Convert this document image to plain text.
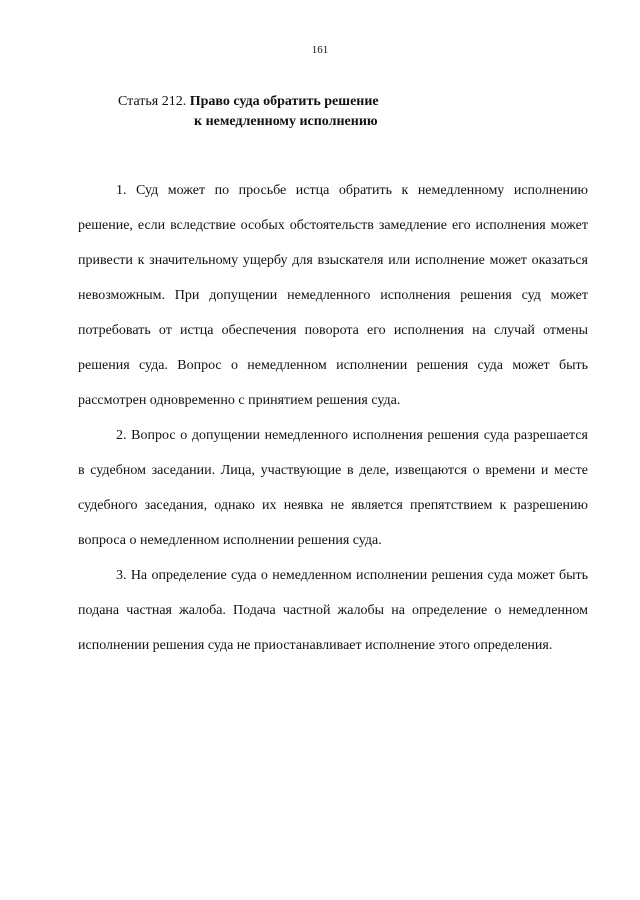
161
Статья 212. Право суда обратить решение
к немедленному исполнению

1. Суд может по просьбе истца обратить к немедленному исполнению решение, если вследствие особых обстоятельств замедление его исполнения может привести к значительному ущербу для взыскателя или исполнение может оказаться невозможным. При допущении немедленного исполнения решения суд может потребовать от истца обеспечения поворота его исполнения на случай отмены решения суда. Вопрос о немедленном исполнении решения суда может быть рассмотрен одновременно с принятием решения суда.

2. Вопрос о допущении немедленного исполнения решения суда разрешается в судебном заседании. Лица, участвующие в деле, извещаются о времени и месте судебного заседания, однако их неявка не является препятствием к разрешению вопроса о немедленном исполнении решения суда.

3. На определение суда о немедленном исполнении решения суда может быть подана частная жалоба. Подача частной жалобы на определение о немедленном исполнении решения суда не приостанавливает исполнение этого определения.
